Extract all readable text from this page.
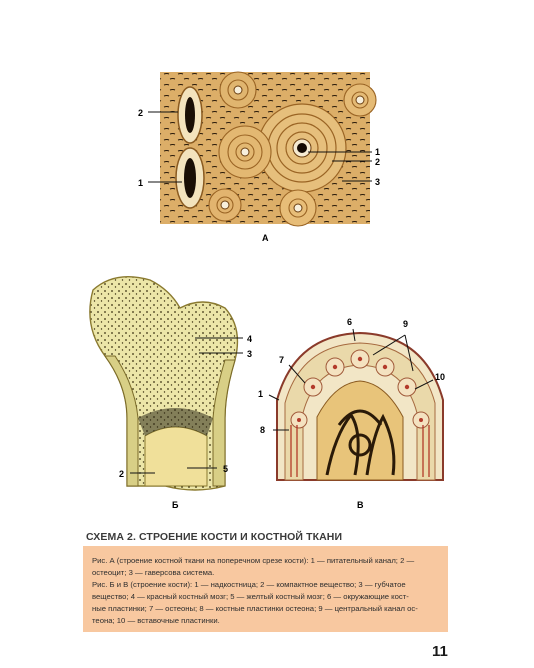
2
1
1
2
3
А
4
3
2	5
Б
6	9
7
10
1
8
В
СХЕМА 2. СТРОЕНИЕ КОСТИ И КОСТНОЙ ТКАНИ
Рис. А (строение костной ткани на поперечном срезе кости): 1 — питательный канал; 2 —
остеоцит; 3 — гаверсова система.
Рис. Б и В (строение кости): 1 — надкостница; 2 — компактное вещество; 3 — губчатое
вещество; 4 — красный костный мозг; 5 — желтый костный мозг; 6 — окружающие кост-
ные пластинки; 7 — остеоны; 8 — костные пластинки остеона; 9 — центральный канал ос-
теона; 10 — вставочные пластинки.
11
